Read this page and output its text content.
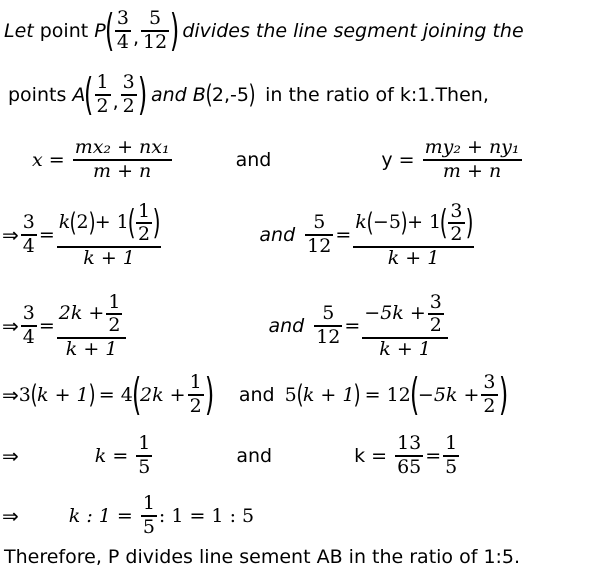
Let point P
( $\frac{3}{4}$ , $\frac{5}{12}$ ) divides the line segment joining the
points A
( $\frac{1}{2}$ , $\frac{3}{2}$ ) and B ( 2,-5 ) in the ratio of k:1.Then,
$x = \frac{\text{mx₂ + nx₁}}{m + n}$	and	$y = \frac{\text{my₂ + ny₁}}{m + n}$
⇒ $\frac{3}{4}$ =
k ( 2 ) + 1
( $\frac{1}{2}$ )
k + 1
and $\frac{5}{12}$ =
k ( −5 ) + 1
( $\frac{3}{2}$ )
k + 1
⇒ $\frac{3}{4} = \frac{2k + \frac{1}{2}}{k + 1}$	and $\frac{5}{12} = \frac{-5k + \frac{3}{2}}{k + 1}$
⇒ 3 ( k + 1 ) = 4
(
$2k + \frac{1}{2}$ ) and 5 ( k + 1 ) = 12
(
$-5k + \frac{3}{2}$ )
⇒	$k = \frac{1}{5}$	and	$k = \frac{13}{65} = \frac{1}{5}$
⇒	k : $1 = \frac{1}{5}$ : 1 = 1 : 5
Therefore, P divides line sement AB in the ratio of 1:5.
